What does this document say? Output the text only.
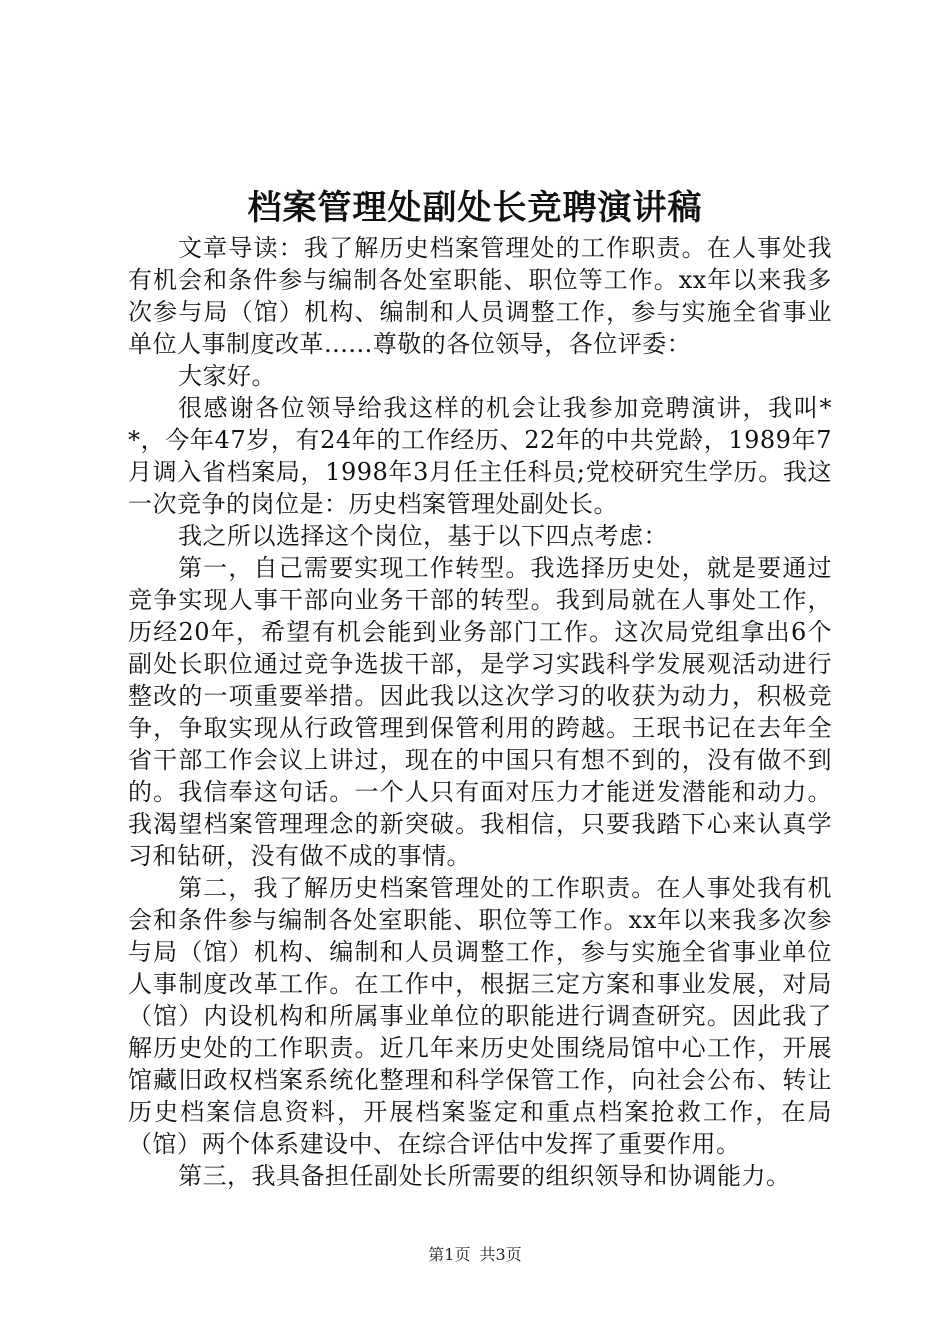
档案管理处副处长竞聘演讲稿

文章导读：我了解历史档案管理处的工作职责。在人事处我有机会和条件参与编制各处室职能、职位等工作。xx年以来我多次参与局（馆）机构、编制和人员调整工作，参与实施全省事业单位人事制度改革......尊敬的各位领导，各位评委：

大家好。

很感谢各位领导给我这样的机会让我参加竞聘演讲，我叫**，今年47岁，有24年的工作经历、22年的中共党龄，1989年7月调入省档案局，1998年3月任主任科员;党校研究生学历。我这一次竞争的岗位是：历史档案管理处副处长。

我之所以选择这个岗位，基于以下四点考虑：

第一，自己需要实现工作转型。我选择历史处，就是要通过竞争实现人事干部向业务干部的转型。我到局就在人事处工作，历经20年，希望有机会能到业务部门工作。这次局党组拿出6个副处长职位通过竞争选拔干部，是学习实践科学发展观活动进行整改的一项重要举措。因此我以这次学习的收获为动力，积极竞争，争取实现从行政管理到保管利用的跨越。王珉书记在去年全省干部工作会议上讲过，现在的中国只有想不到的，没有做不到的。我信奉这句话。一个人只有面对压力才能迸发潜能和动力。我渴望档案管理理念的新突破。我相信，只要我踏下心来认真学习和钻研，没有做不成的事情。

第二，我了解历史档案管理处的工作职责。在人事处我有机会和条件参与编制各处室职能、职位等工作。xx年以来我多次参与局（馆）机构、编制和人员调整工作，参与实施全省事业单位人事制度改革工作。在工作中，根据三定方案和事业发展，对局（馆）内设机构和所属事业单位的职能进行调查研究。因此我了解历史处的工作职责。近几年来历史处围绕局馆中心工作，开展馆藏旧政权档案系统化整理和科学保管工作，向社会公布、转让历史档案信息资料，开展档案鉴定和重点档案抢救工作，在局（馆）两个体系建设中、在综合评估中发挥了重要作用。

第三，我具备担任副处长所需要的组织领导和协调能力。

第1页 共3页
